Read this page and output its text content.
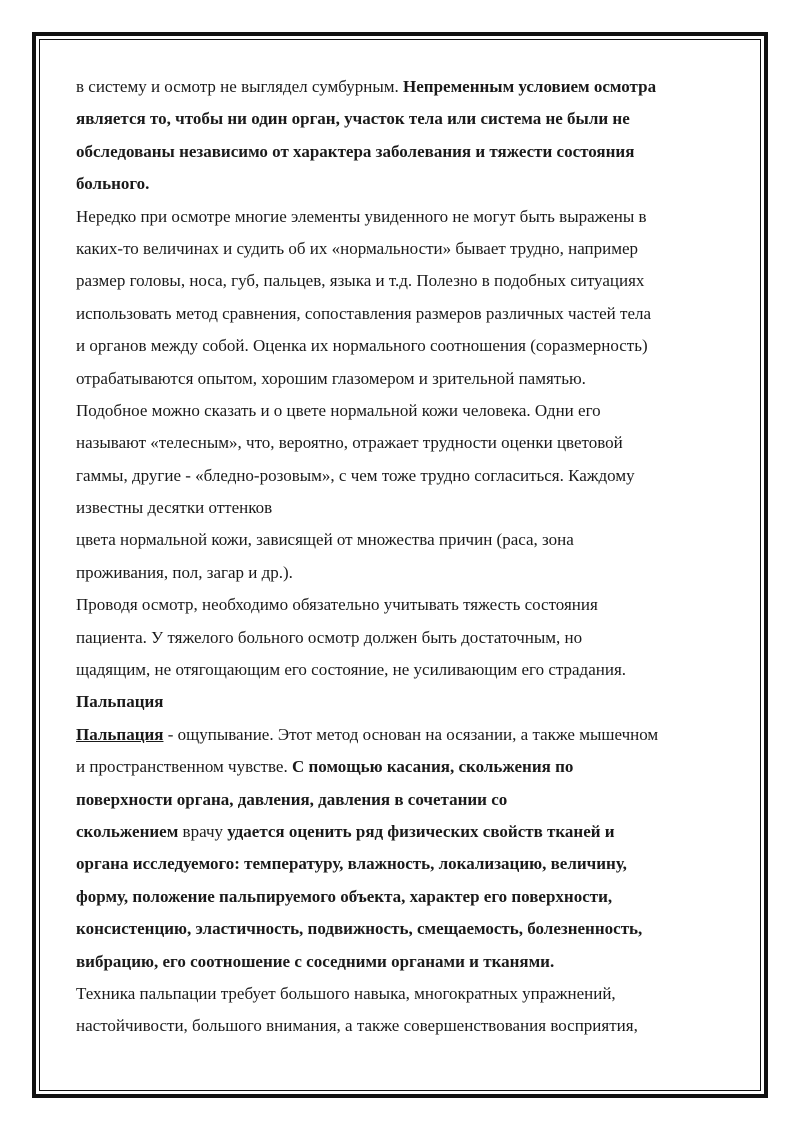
в систему и осмотр не выглядел сумбурным. Непременным условием осмотра
является то, чтобы ни один орган, участок тела или система не были не
обследованы независимо от характера заболевания и тяжести состояния
больного.
Нередко при осмотре многие элементы увиденного не могут быть выражены в
каких-то величинах и судить об их «нормальности» бывает трудно, например
размер головы, носа, губ, пальцев, языка и т.д. Полезно в подобных ситуациях
использовать метод сравнения, сопоставления размеров различных частей тела
и органов между собой. Оценка их нормального соотношения (соразмерность)
отрабатываются опытом, хорошим глазомером и зрительной памятью.
Подобное можно сказать и о цвете нормальной кожи человека. Одни его
называют «телесным», что, вероятно, отражает трудности оценки цветовой
гаммы, другие - «бледно-розовым», с чем тоже трудно согласиться. Каждому
известны десятки оттенков
цвета нормальной кожи, зависящей от множества причин (раса, зона
проживания, пол, загар и др.).
Проводя осмотр, необходимо обязательно учитывать тяжесть состояния
пациента. У тяжелого больного осмотр должен быть достаточным, но
щадящим, не отягощающим его состояние, не усиливающим его страдания.
Пальпация
Пальпация - ощупывание. Этот метод основан на осязании, а также мышечном
и пространственном чувстве. С помощью касания, скольжения по
поверхности органа, давления, давления в сочетании со
скольжением врачу удается оценить ряд физических свойств тканей и
органа исследуемого: температуру, влажность, локализацию, величину,
форму, положение пальпируемого объекта, характер его поверхности,
консистенцию, эластичность, подвижность, смещаемость, болезненность,
вибрацию, его соотношение с соседними органами и тканями.
Техника пальпации требует большого навыка, многократных упражнений,
настойчивости, большого внимания, а также совершенствования восприятия,
